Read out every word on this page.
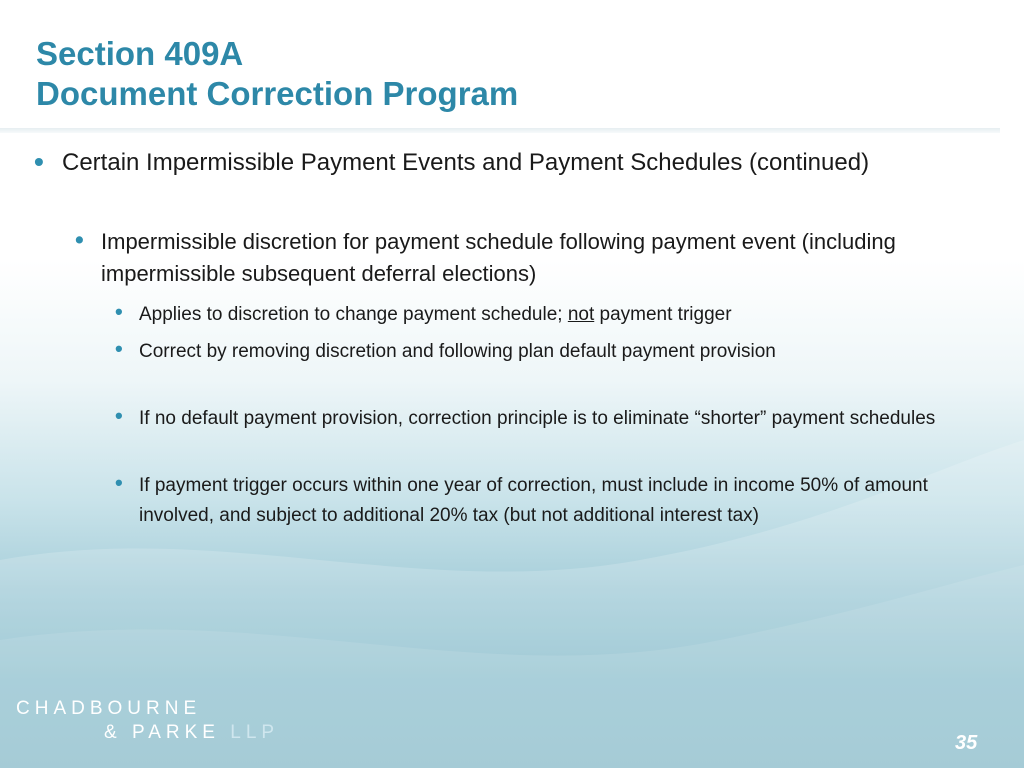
Section 409A
Document Correction Program
• Certain Impermissible Payment Events and Payment Schedules (continued)
• Impermissible discretion for payment schedule following payment event (including impermissible subsequent deferral elections)
• Applies to discretion to change payment schedule; not payment trigger
• Correct by removing discretion and following plan default payment provision
• If no default payment provision, correction principle is to eliminate “shorter” payment schedules
• If payment trigger occurs within one year of correction, must include in income 50% of amount involved, and subject to additional 20% tax (but not additional interest tax)
CHADBOURNE
& PARKE LLP	35
